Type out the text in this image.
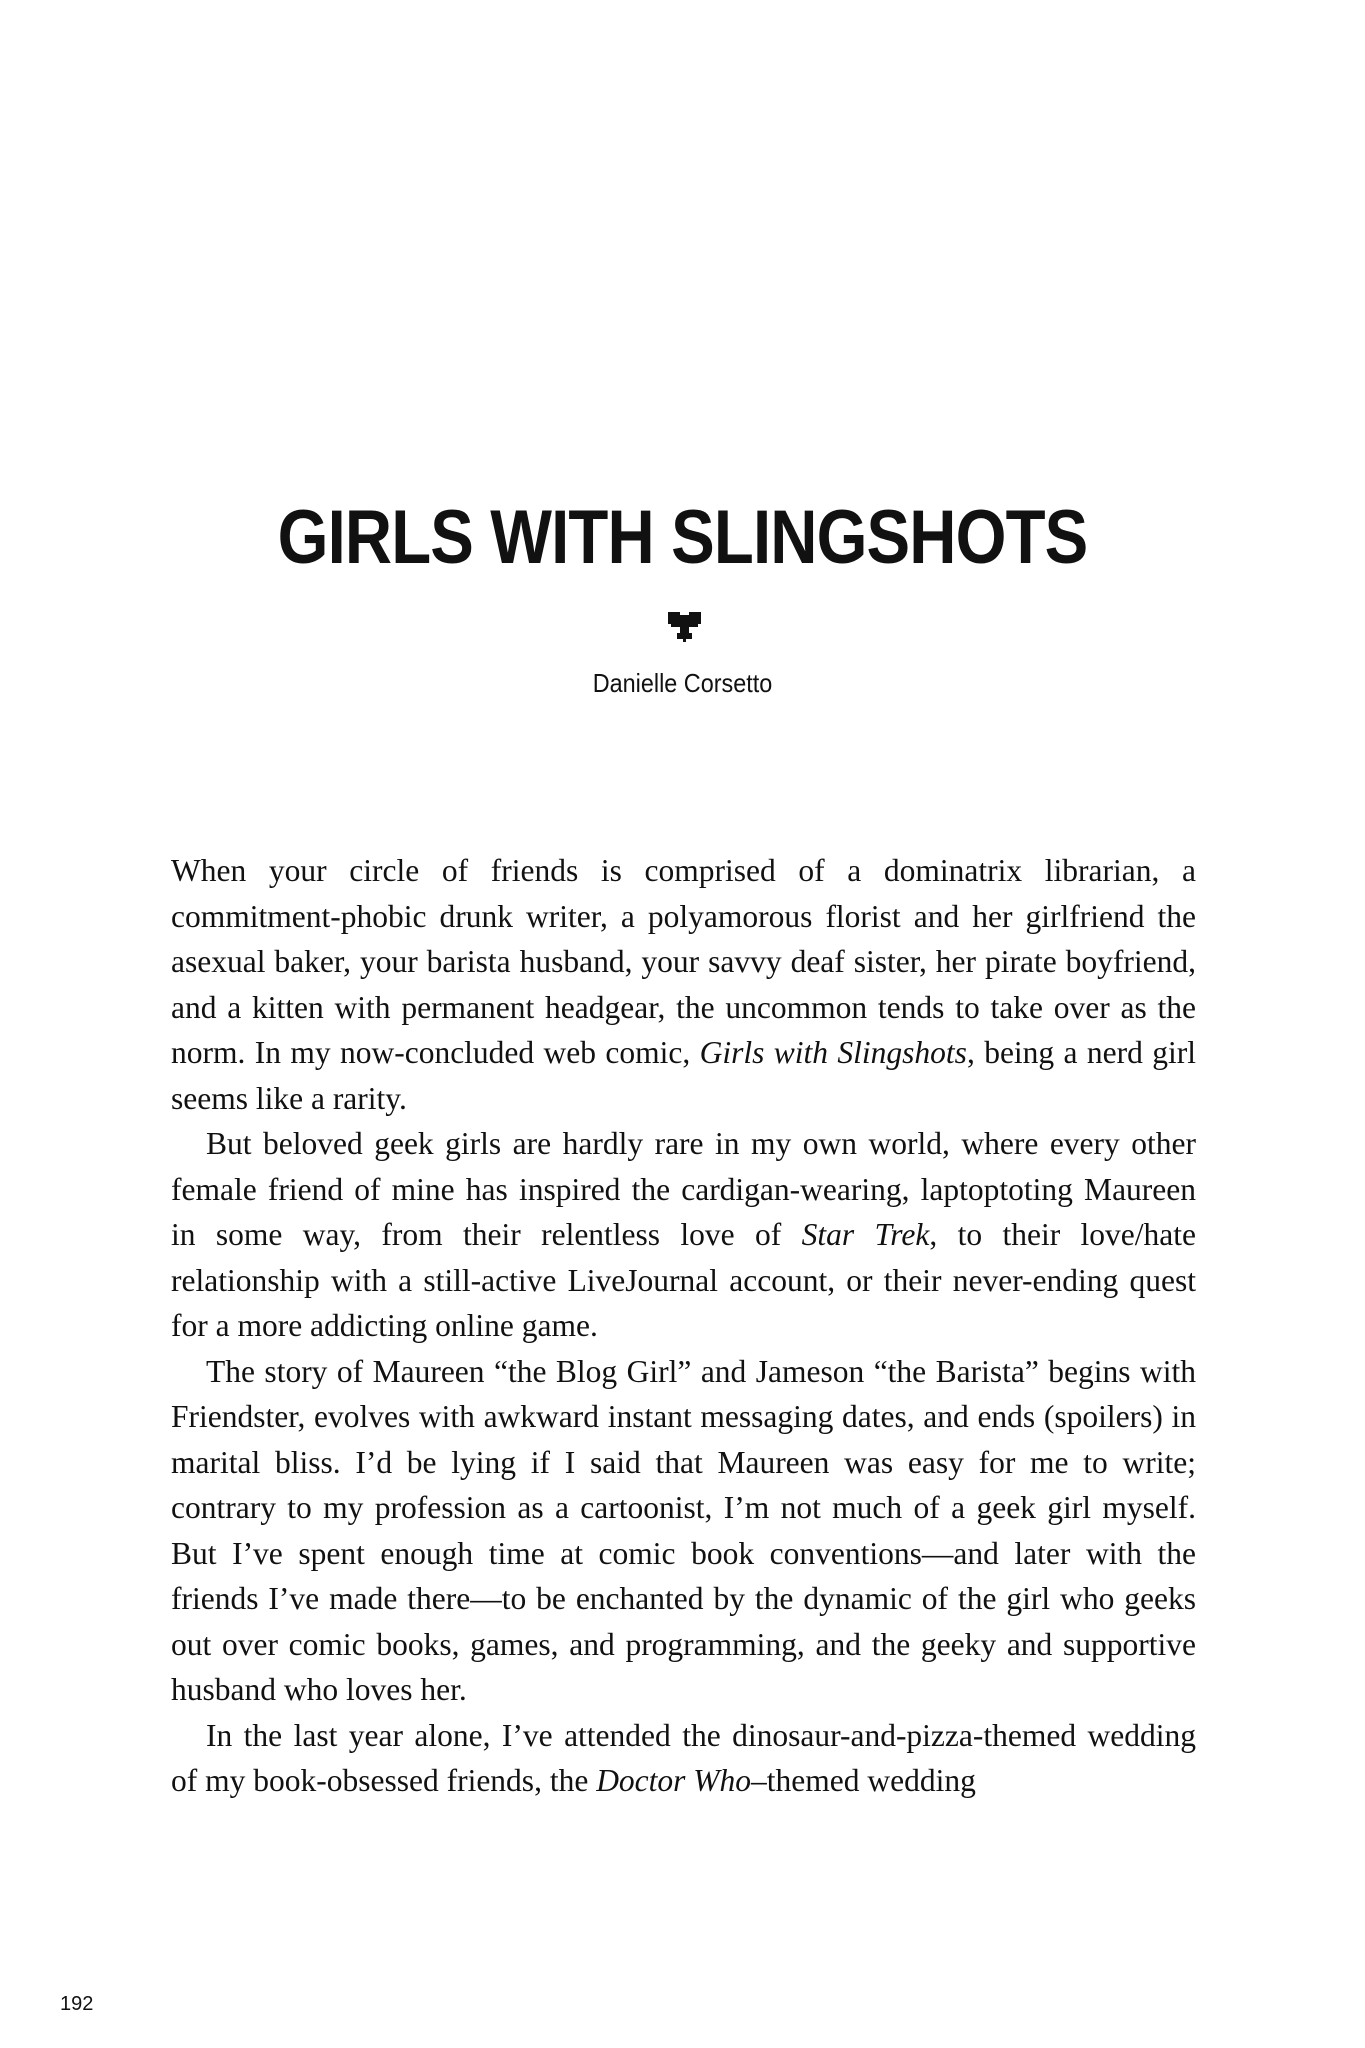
GIRLS WITH SLINGSHOTS
Danielle Corsetto

When your circle of friends is comprised of a dominatrix librarian, a commitment-phobic drunk writer, a polyamorous florist and her girlfriend the asexual baker, your barista husband, your savvy deaf sister, her pirate boyfriend, and a kitten with permanent headgear, the uncommon tends to take over as the norm. In my now-concluded web comic, Girls with Slingshots, being a nerd girl seems like a rarity.

But beloved geek girls are hardly rare in my own world, where every other female friend of mine has inspired the cardigan-wearing, laptoptoting Maureen in some way, from their relentless love of Star Trek, to their love/hate relationship with a still-active LiveJournal account, or their never-ending quest for a more addicting online game.

The story of Maureen “the Blog Girl” and Jameson “the Barista” begins with Friendster, evolves with awkward instant messaging dates, and ends (spoilers) in marital bliss. I’d be lying if I said that Maureen was easy for me to write; contrary to my profession as a cartoonist, I’m not much of a geek girl myself. But I’ve spent enough time at comic book conventions—and later with the friends I’ve made there—to be enchanted by the dynamic of the girl who geeks out over comic books, games, and programming, and the geeky and supportive husband who loves her.

In the last year alone, I’ve attended the dinosaur-and-pizza-themed wedding of my book-obsessed friends, the Doctor Who–themed wedding

192
